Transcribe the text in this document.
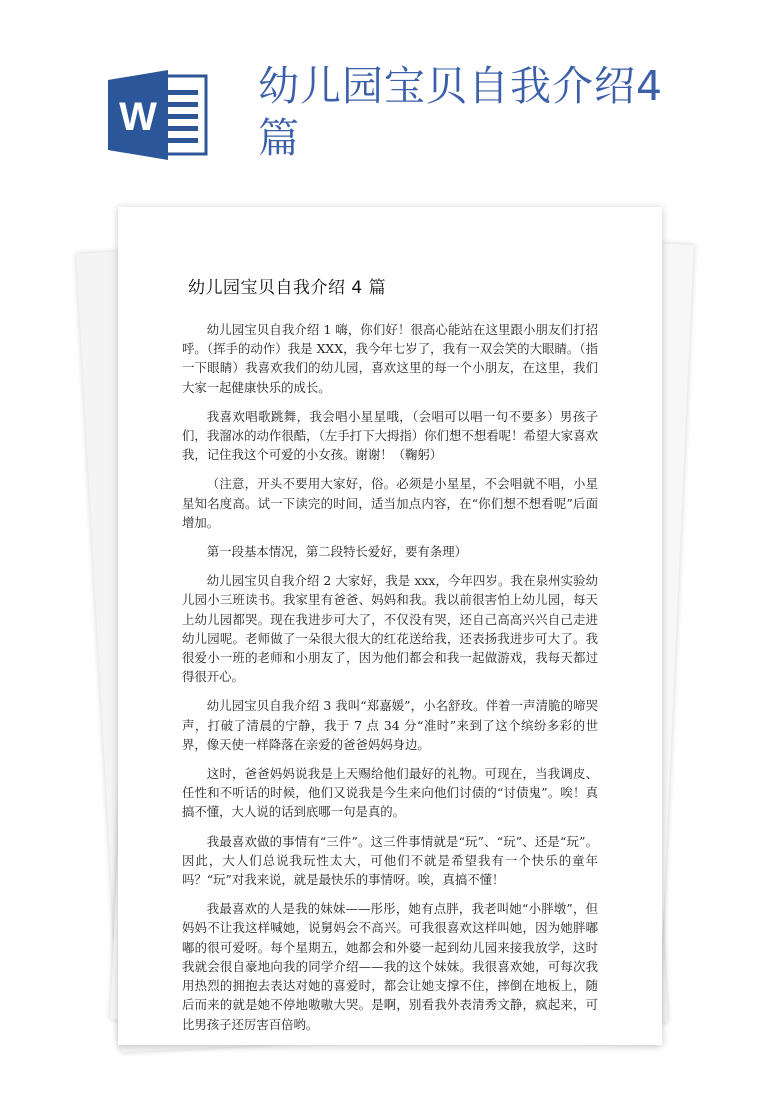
W
幼儿园宝贝自我介绍4篇
幼儿园宝贝自我介绍 4 篇

幼儿园宝贝自我介绍 1 嗨，你们好！很高心能站在这里跟小朋友们打招呼。（挥手的动作）我是 XXX，我今年七岁了，我有一双会笑的大眼睛。（指一下眼睛）我喜欢我们的幼儿园，喜欢这里的每一个小朋友，在这里，我们大家一起健康快乐的成长。

我喜欢唱歌跳舞，我会唱小星星哦，（会唱可以唱一句不要多）男孩子们，我溜冰的动作很酷，（左手打下大拇指）你们想不想看呢！希望大家喜欢我，记住我这个可爱的小女孩。谢谢！（鞠躬）

（注意，开头不要用大家好，俗。必须是小星星，不会唱就不唱，小星星知名度高。试一下读完的时间，适当加点内容，在“你们想不想看呢”后面增加。

第一段基本情况，第二段特长爱好，要有条理）

幼儿园宝贝自我介绍 2 大家好，我是 xxx，今年四岁。我在泉州实验幼儿园小三班读书。我家里有爸爸、妈妈和我。我以前很害怕上幼儿园，每天上幼儿园都哭。现在我进步可大了，不仅没有哭，还自己高高兴兴自己走进幼儿园呢。老师做了一朵很大很大的红花送给我，还表扬我进步可大了。我很爱小一班的老师和小朋友了，因为他们都会和我一起做游戏，我每天都过得很开心。

幼儿园宝贝自我介绍 3 我叫“郑嘉媛”，小名舒玫。伴着一声清脆的啼哭声，打破了清晨的宁静，我于 7 点 34 分“准时”来到了这个缤纷多彩的世界，像天使一样降落在亲爱的爸爸妈妈身边。

这时，爸爸妈妈说我是上天赐给他们最好的礼物。可现在，当我调皮、任性和不听话的时候，他们又说我是今生来向他们讨债的“讨债鬼”。唉！真搞不懂，大人说的话到底哪一句是真的。

我最喜欢做的事情有“三件”。这三件事情就是“玩”、“玩”、还是“玩”。因此，大人们总说我玩性太大，可他们不就是希望我有一个快乐的童年吗？“玩”对我来说，就是最快乐的事情呀。唉，真搞不懂！

我最喜欢的人是我的妹妹——彤彤，她有点胖，我老叫她“小胖墩”，但妈妈不让我这样喊她，说舅妈会不高兴。可我很喜欢这样叫她，因为她胖嘟嘟的很可爱呀。每个星期五，她都会和外婆一起到幼儿园来接我放学，这时我就会很自豪地向我的同学介绍——我的这个妹妹。我很喜欢她，可每次我用热烈的拥抱去表达对她的喜爱时，都会让她支撑不住，摔倒在地板上，随后而来的就是她不停地嗷嗷大哭。是啊，别看我外表清秀文静，疯起来，可比男孩子还厉害百倍哟。
